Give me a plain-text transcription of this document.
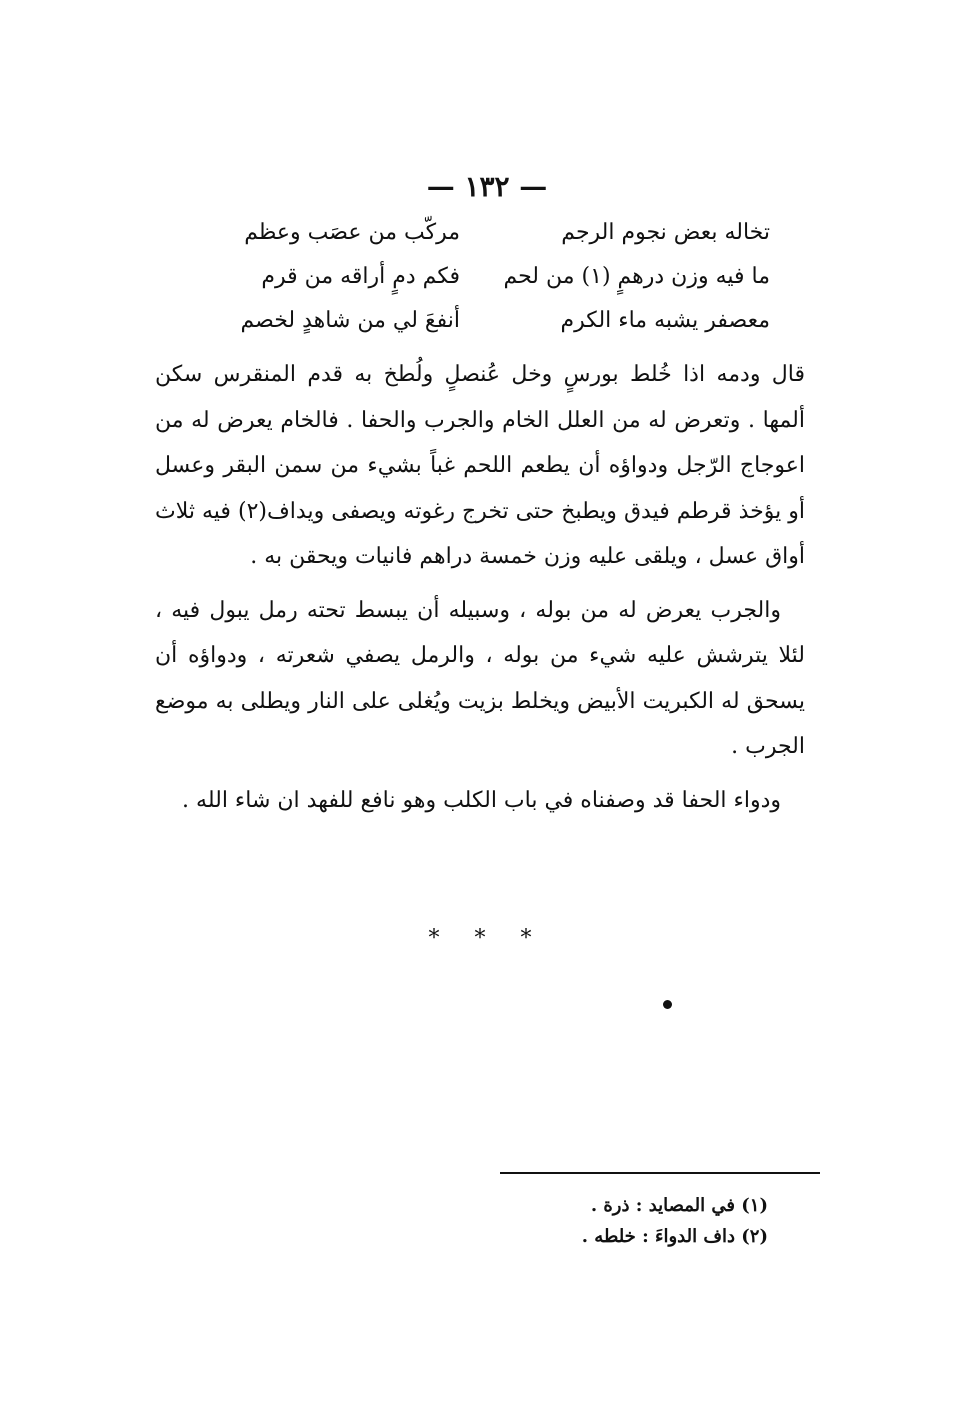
— ١٣٢ —
تخاله بعض نجوم الرجم
مركّب من عصَب وعظم
ما فيه وزن درهمٍ (١) من لحم
فكم دمٍ أراقه من قرم
معصفر يشبه ماء الكرم
أنفعَ لي من شاهدٍ لخصم

قال ودمه اذا خُلط بورسٍ وخل عُنصلٍ ولُطخ به قدم المنقرس سكن ألمها . وتعرض له من العلل الخام والجرب والحفا . فالخام يعرض له من اعوجاج الرّجل ودواؤه أن يطعم اللحم غباً بشيء من سمن البقر وعسل أو يؤخذ قرطم فيدق ويطبخ حتى تخرج رغوته ويصفى ويداف(٢) فيه ثلاث أواق عسل ، ويلقى عليه وزن خمسة دراهم فانيات ويحقن به .

والجرب يعرض له من بوله ، وسبيله أن يبسط تحته رمل يبول فيه ، لئلا يترشش عليه شيء من بوله ، والرمل يصفي شعرته ، ودواؤه أن يسحق له الكبريت الأبيض ويخلط بزيت ويُغلى على النار ويطلى به موضع الجرب .

ودواء الحفا قد وصفناه في باب الكلب وهو نافع للفهد ان شاء الله .

* * *
(١) في المصايد : ذرة .
(٢) داف الدواءَ : خلطه .
